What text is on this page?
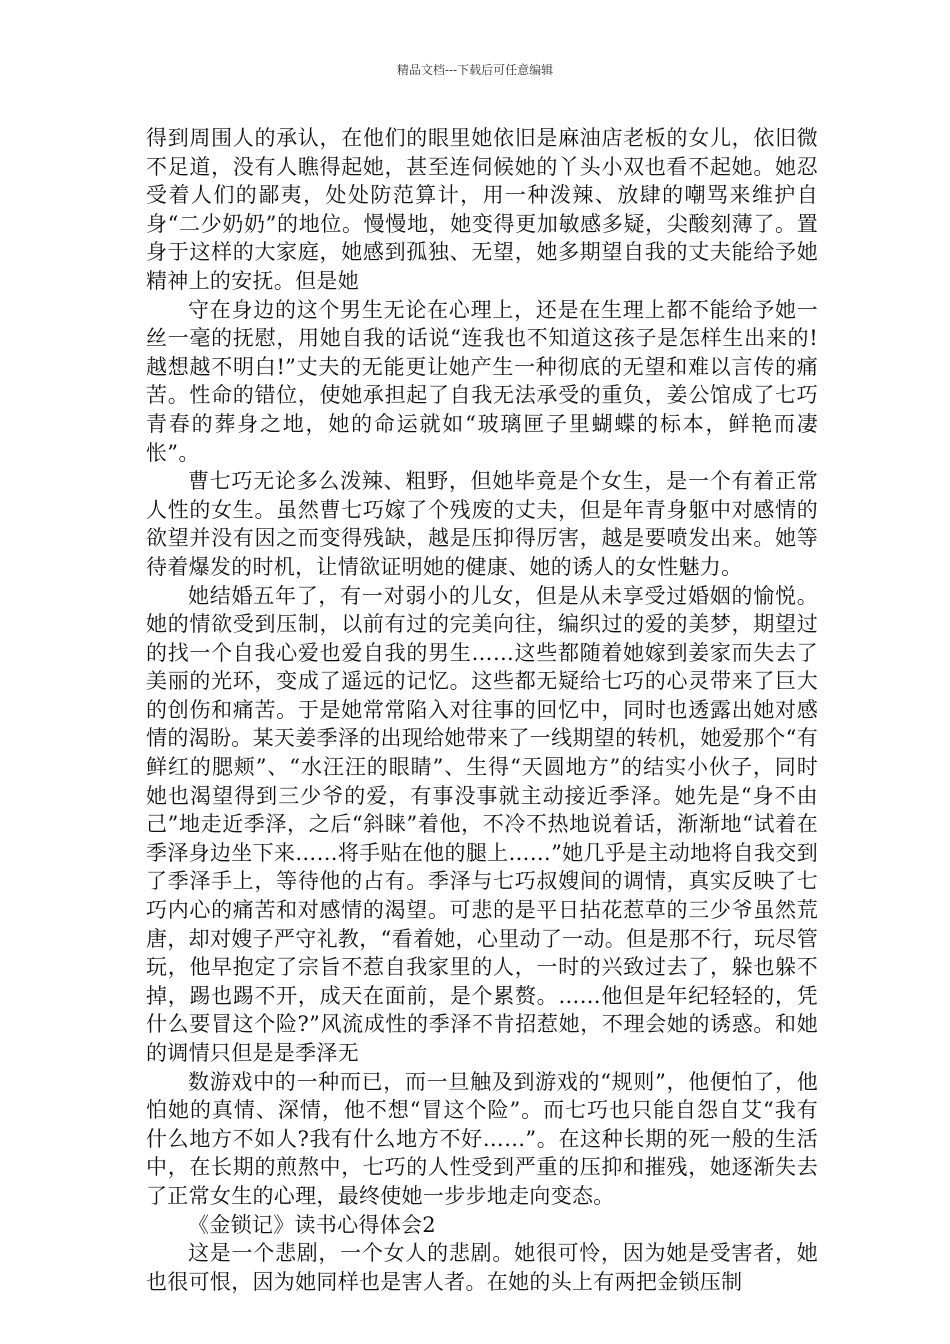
精品文档---下载后可任意编辑

得到周围人的承认，在他们的眼里她依旧是麻油店老板的女儿，依旧微不足道，没有人瞧得起她，甚至连伺候她的丫头小双也看不起她。她忍受着人们的鄙夷，处处防范算计，用一种泼辣、放肆的嘲骂来维护自身“二少奶奶”的地位。慢慢地，她变得更加敏感多疑，尖酸刻薄了。置身于这样的大家庭，她感到孤独、无望，她多期望自我的丈夫能给予她精神上的安抚。但是她

守在身边的这个男生无论在心理上，还是在生理上都不能给予她一丝一毫的抚慰，用她自我的话说“连我也不知道这孩子是怎样生出来的!越想越不明白!”丈夫的无能更让她产生一种彻底的无望和难以言传的痛苦。性命的错位，使她承担起了自我无法承受的重负，姜公馆成了七巧青春的葬身之地，她的命运就如“玻璃匣子里蝴蝶的标本，鲜艳而凄怅”。

曹七巧无论多么泼辣、粗野，但她毕竟是个女生，是一个有着正常人性的女生。虽然曹七巧嫁了个残废的丈夫，但是年青身躯中对感情的欲望并没有因之而变得残缺，越是压抑得厉害，越是要喷发出来。她等待着爆发的时机，让情欲证明她的健康、她的诱人的女性魅力。

她结婚五年了，有一对弱小的儿女，但是从未享受过婚姻的愉悦。她的情欲受到压制，以前有过的完美向往，编织过的爱的美梦，期望过的找一个自我心爱也爱自我的男生……这些都随着她嫁到姜家而失去了美丽的光环，变成了遥远的记忆。这些都无疑给七巧的心灵带来了巨大的创伤和痛苦。于是她常常陷入对往事的回忆中，同时也透露出她对感情的渴盼。某天姜季泽的出现给她带来了一线期望的转机，她爱那个“有鲜红的腮颊”、“水汪汪的眼睛”、生得“天圆地方”的结实小伙子，同时她也渴望得到三少爷的爱，有事没事就主动接近季泽。她先是“身不由己”地走近季泽，之后“斜睐”着他，不冷不热地说着话，渐渐地“试着在季泽身边坐下来……将手贴在他的腿上……”她几乎是主动地将自我交到了季泽手上，等待他的占有。季泽与七巧叔嫂间的调情，真实反映了七巧内心的痛苦和对感情的渴望。可悲的是平日拈花惹草的三少爷虽然荒唐，却对嫂子严守礼教，“看着她，心里动了一动。但是那不行，玩尽管玩，他早抱定了宗旨不惹自我家里的人，一时的兴致过去了，躲也躲不掉，踢也踢不开，成天在面前，是个累赘。……他但是年纪轻轻的，凭什么要冒这个险?”风流成性的季泽不肯招惹她，不理会她的诱惑。和她的调情只但是是季泽无

数游戏中的一种而已，而一旦触及到游戏的“规则”，他便怕了，他怕她的真情、深情，他不想“冒这个险”。而七巧也只能自怨自艾“我有什么地方不如人?我有什么地方不好……”。在这种长期的死一般的生活中，在长期的煎熬中，七巧的人性受到严重的压抑和摧残，她逐渐失去了正常女生的心理，最终使她一步步地走向变态。

《金锁记》读书心得体会2

这是一个悲剧，一个女人的悲剧。她很可怜，因为她是受害者，她也很可恨，因为她同样也是害人者。在她的头上有两把金锁压制
